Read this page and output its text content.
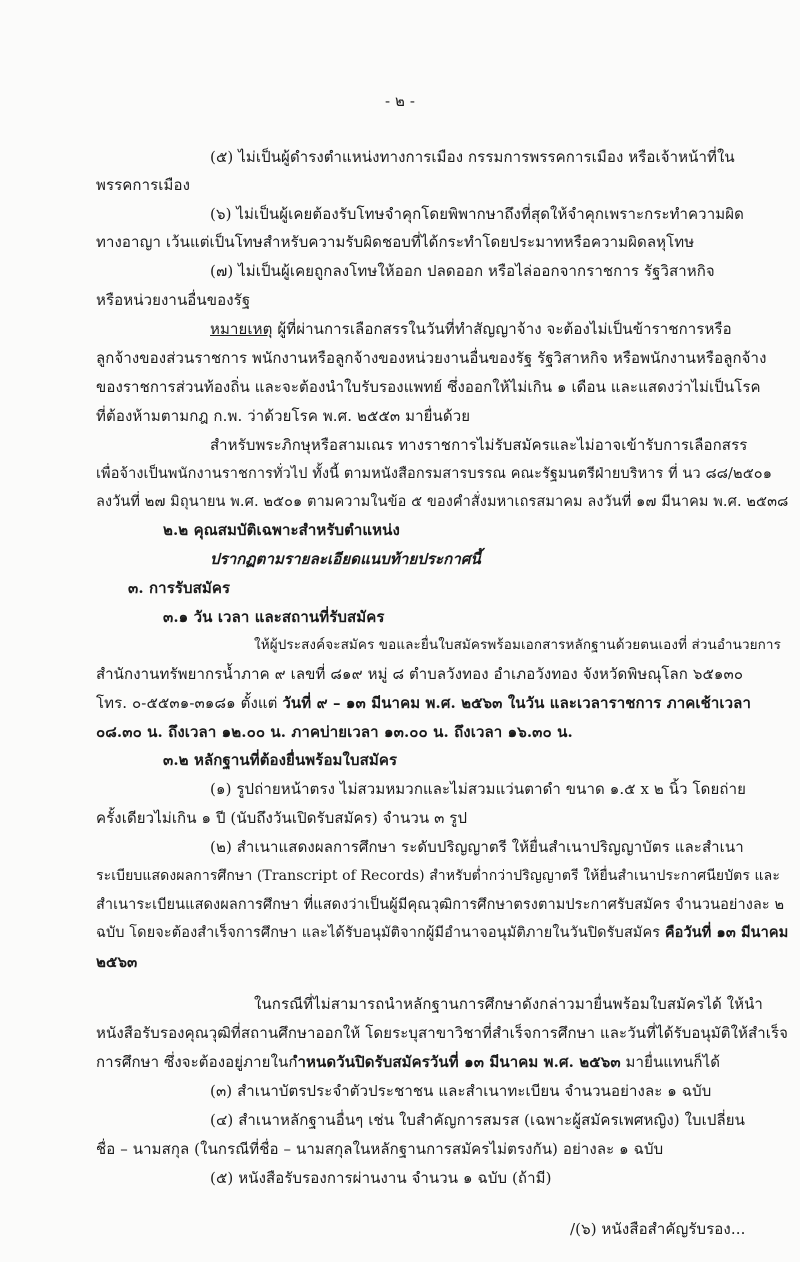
- ๒ -
(๕) ไม่เป็นผู้ดำรงตำแหน่งทางการเมือง กรรมการพรรคการเมือง หรือเจ้าหน้าที่ใน
พรรคการเมือง
(๖) ไม่เป็นผู้เคยต้องรับโทษจำคุกโดยพิพากษาถึงที่สุดให้จำคุกเพราะกระทำความผิด
ทางอาญา เว้นแต่เป็นโทษสำหรับความรับผิดชอบที่ได้กระทำโดยประมาทหรือความผิดลหุโทษ
(๗) ไม่เป็นผู้เคยถูกลงโทษให้ออก ปลดออก หรือไล่ออกจากราชการ รัฐวิสาหกิจ
หรือหน่วยงานอื่นของรัฐ
หมายเหตุ ผู้ที่ผ่านการเลือกสรรในวันที่ทำสัญญาจ้าง จะต้องไม่เป็นข้าราชการหรือ
ลูกจ้างของส่วนราชการ พนักงานหรือลูกจ้างของหน่วยงานอื่นของรัฐ รัฐวิสาหกิจ หรือพนักงานหรือลูกจ้าง
ของราชการส่วนท้องถิ่น และจะต้องนำใบรับรองแพทย์ ซึ่งออกให้ไม่เกิน ๑ เดือน และแสดงว่าไม่เป็นโรค
ที่ต้องห้ามตามกฎ ก.พ. ว่าด้วยโรค พ.ศ. ๒๕๕๓ มายื่นด้วย
สำหรับพระภิกษุหรือสามเณร ทางราชการไม่รับสมัครและไม่อาจเข้ารับการเลือกสรร
เพื่อจ้างเป็นพนักงานราชการทั่วไป ทั้งนี้ ตามหนังสือกรมสารบรรณ คณะรัฐมนตรีฝ่ายบริหาร ที่ นว ๘๘/๒๕๐๑
ลงวันที่ ๒๗ มิถุนายน พ.ศ. ๒๕๐๑ ตามความในข้อ ๕ ของคำสั่งมหาเถรสมาคม ลงวันที่ ๑๗ มีนาคม พ.ศ. ๒๕๓๘
๒.๒ คุณสมบัติเฉพาะสำหรับตำแหน่ง
ปรากฏตามรายละเอียดแนบท้ายประกาศนี้
๓. การรับสมัคร
๓.๑ วัน เวลา และสถานที่รับสมัคร
ให้ผู้ประสงค์จะสมัคร ขอและยื่นใบสมัครพร้อมเอกสารหลักฐานด้วยตนเองที่ ส่วนอำนวยการ
สำนักงานทรัพยากรน้ำภาค ๙ เลขที่ ๘๑๙ หมู่ ๘ ตำบลวังทอง อำเภอวังทอง จังหวัดพิษณุโลก ๖๕๑๓๐
โทร. ๐-๕๕๓๑-๓๑๘๑ ตั้งแต่ วันที่ ๙ – ๑๓ มีนาคม พ.ศ. ๒๕๖๓ ในวัน และเวลาราชการ ภาคเช้าเวลา
๐๘.๓๐ น. ถึงเวลา ๑๒.๐๐ น. ภาคบ่ายเวลา ๑๓.๐๐ น. ถึงเวลา ๑๖.๓๐ น.
๓.๒ หลักฐานที่ต้องยื่นพร้อมใบสมัคร
(๑) รูปถ่ายหน้าตรง ไม่สวมหมวกและไม่สวมแว่นตาดำ ขนาด ๑.๕ x ๒ นิ้ว โดยถ่าย
ครั้งเดียวไม่เกิน ๑ ปี (นับถึงวันเปิดรับสมัคร) จำนวน ๓ รูป
(๒) สำเนาแสดงผลการศึกษา ระดับปริญญาตรี ให้ยื่นสำเนาปริญญาบัตร และสำเนา
ระเบียบแสดงผลการศึกษา (Transcript of Records) สำหรับต่ำกว่าปริญญาตรี ให้ยื่นสำเนาประกาศนียบัตร และ
สำเนาระเบียนแสดงผลการศึกษา ที่แสดงว่าเป็นผู้มีคุณวุฒิการศึกษาตรงตามประกาศรับสมัคร จำนวนอย่างละ ๒
ฉบับ โดยจะต้องสำเร็จการศึกษา และได้รับอนุมัติจากผู้มีอำนาจอนุมัติภายในวันปิดรับสมัคร คือวันที่ ๑๓ มีนาคม
๒๕๖๓
ในกรณีที่ไม่สามารถนำหลักฐานการศึกษาดังกล่าวมายื่นพร้อมใบสมัครได้ ให้นำ
หนังสือรับรองคุณวุฒิที่สถานศึกษาออกให้ โดยระบุสาขาวิชาที่สำเร็จการศึกษา และวันที่ได้รับอนุมัติให้สำเร็จ
การศึกษา ซึ่งจะต้องอยู่ภายในกำหนดวันปิดรับสมัครวันที่ ๑๓ มีนาคม พ.ศ. ๒๕๖๓ มายื่นแทนก็ได้
(๓) สำเนาบัตรประจำตัวประชาชน และสำเนาทะเบียน จำนวนอย่างละ ๑ ฉบับ
(๔) สำเนาหลักฐานอื่นๆ เช่น ใบสำคัญการสมรส (เฉพาะผู้สมัครเพศหญิง) ใบเปลี่ยน
ชื่อ – นามสกุล (ในกรณีที่ชื่อ – นามสกุลในหลักฐานการสมัครไม่ตรงกัน) อย่างละ ๑ ฉบับ
(๕) หนังสือรับรองการผ่านงาน จำนวน ๑ ฉบับ (ถ้ามี)
/(๖) หนังสือสำคัญรับรอง...
